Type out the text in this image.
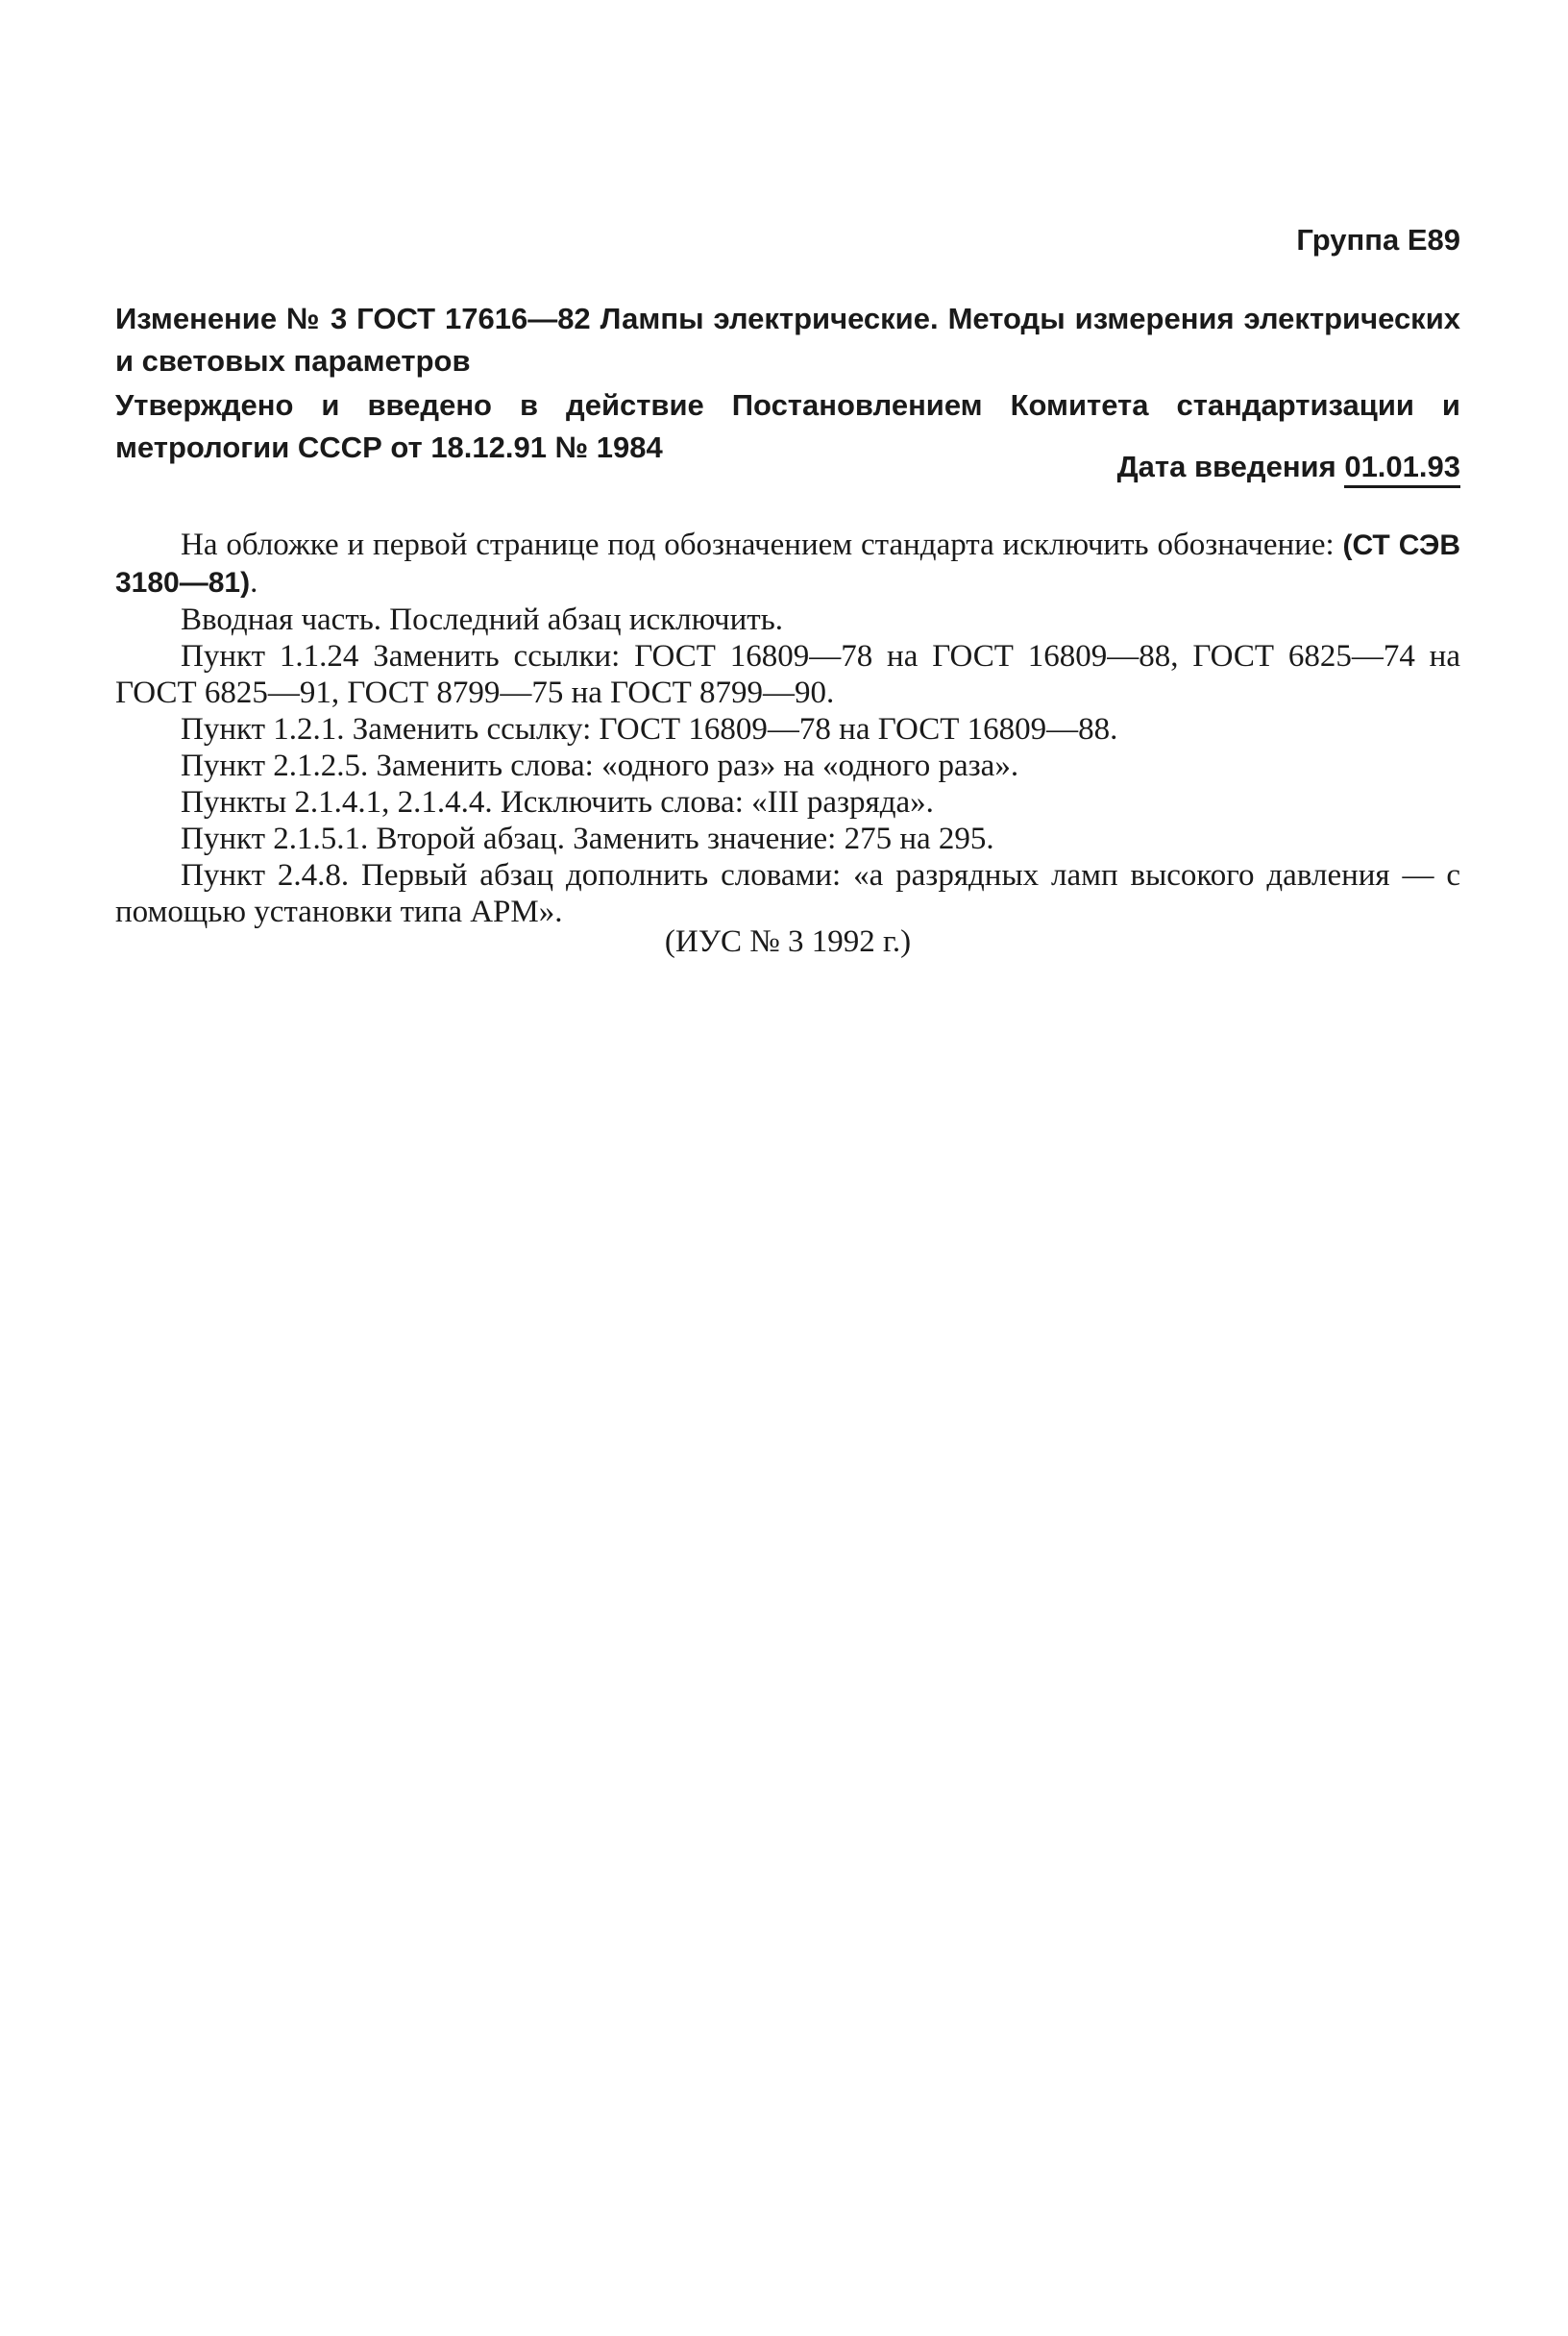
Группа Е89
Изменение № 3 ГОСТ 17616—82 Лампы электрические. Методы измерения электрических и световых параметров
Утверждено и введено в действие Постановлением Комитета стандартизации и метрологии СССР от 18.12.91 № 1984
Дата введения 01.01.93

На обложке и первой странице под обозначением стандарта исключить обозначение: (СТ СЭВ 3180—81).

Вводная часть. Последний абзац исключить.

Пункт 1.1.24 Заменить ссылки: ГОСТ 16809—78 на ГОСТ 16809—88, ГОСТ 6825—74 на ГОСТ 6825—91, ГОСТ 8799—75 на ГОСТ 8799—90.

Пункт 1.2.1. Заменить ссылку: ГОСТ 16809—78 на ГОСТ 16809—88.

Пункт 2.1.2.5. Заменить слова: «одного раз» на «одного раза».

Пункты 2.1.4.1, 2.1.4.4. Исключить слова: «III разряда».

Пункт 2.1.5.1. Второй абзац. Заменить значение: 275 на 295.

Пункт 2.4.8. Первый абзац дополнить словами: «а разрядных ламп высокого давления — с помощью установки типа АРМ».

(ИУС № 3 1992 г.)
